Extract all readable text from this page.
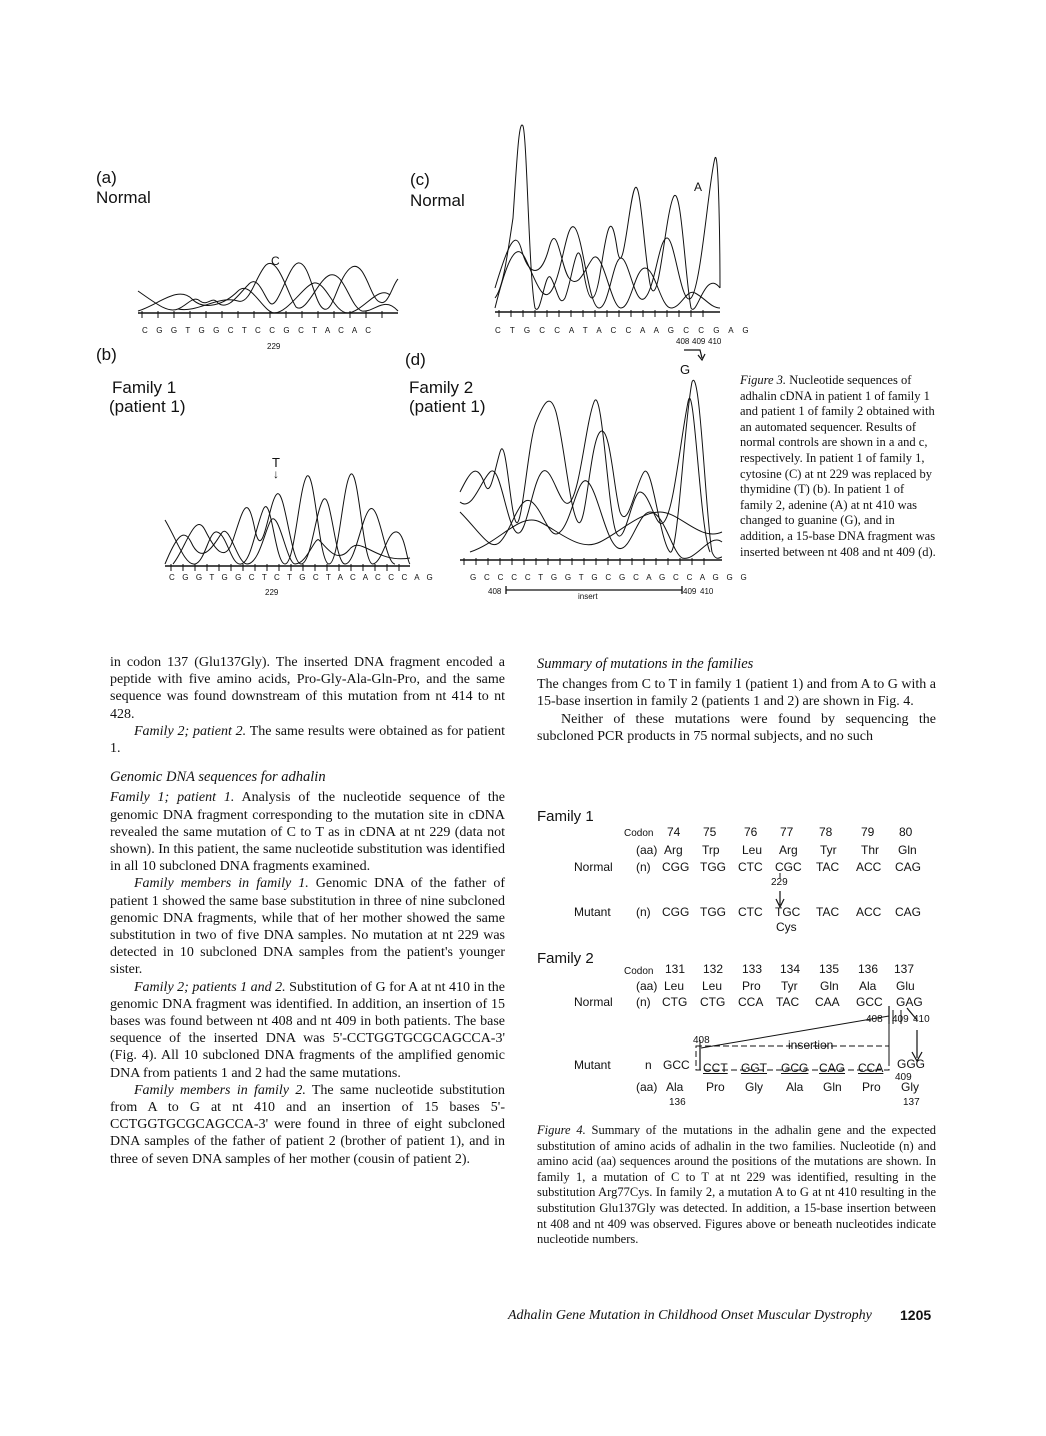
(a)
Normal
C
C G G T G G C T C C G C T A C A C
229
(b)
Family 1
(patient 1)
T
↓
C G G T G G C T C T G C T A C A C C C A G
229
(c)
Normal
A
C T G C C A T A C C A A G C C G A G
408 409 410
(d)
Family 2
(patient 1)
G
G C C C C T G G T G C G C A G C C A G G G
408
insert
409 410
Figure 3. Nucleotide sequences of adhalin cDNA in patient 1 of family 1 and patient 1 of family 2 obtained with an automated sequencer. Results of normal controls are shown in a and c, respectively. In patient 1 of family 1, cytosine (C) at nt 229 was replaced by thymidine (T) (b). In patient 1 of family 2, adenine (A) at nt 410 was changed to guanine (G), and in addition, a 15-base DNA fragment was inserted between nt 408 and nt 409 (d).

in codon 137 (Glu137Gly). The inserted DNA fragment encoded a peptide with five amino acids, Pro-Gly-Ala-Gln-Pro, and the same sequence was found downstream of this mutation from nt 414 to nt 428.

Family 2; patient 2. The same results were obtained as for patient 1.

Genomic DNA sequences for adhalin

Family 1; patient 1. Analysis of the nucleotide sequence of the genomic DNA fragment corresponding to the mutation site in cDNA revealed the same mutation of C to T as in cDNA at nt 229 (data not shown). In this patient, the same nucleotide substitution was identified in all 10 subcloned DNA fragments examined.

Family members in family 1. Genomic DNA of the father of patient 1 showed the same base substitution in three of nine subcloned genomic DNA fragments, while that of her mother showed the same substitution in two of five DNA samples. No mutation at nt 229 was detected in 10 subcloned DNA samples from the patient's younger sister.

Family 2; patients 1 and 2. Substitution of G for A at nt 410 in the genomic DNA fragment was identified. In addition, an insertion of 15 bases was found between nt 408 and nt 409 in both patients. The base sequence of the inserted DNA was 5'-CCTGGTGCGCAGCCA-3' (Fig. 4). All 10 subcloned DNA fragments of the amplified genomic DNA from patients 1 and 2 had the same mutations.

Family members in family 2. The same nucleotide substitution from A to G at nt 410 and an insertion of 15 bases 5'-CCTGGTGCGCAGCCA-3' were found in three of eight subcloned DNA samples of the father of patient 2 (brother of patient 1), and in three of seven DNA samples of her mother (cousin of patient 2).

Summary of mutations in the families

The changes from C to T in family 1 (patient 1) and from A to G with a 15-base insertion in family 2 (patients 1 and 2) are shown in Fig. 4.

Neither of these mutations were found by sequencing the subcloned PCR products in 75 normal subjects, and no such

Family 1
Codon 74 75 76 77 78 79 80
(aa) Arg Trp Leu Arg Tyr Thr Gln
Normal (n) CGG TGG CTC CGC TAC ACC CAG
229
Mutant (n) CGG TGG CTC TGC TAC ACC CAG
Cys
Family 2
Codon 131 132 133 134 135 136 137
(aa) Leu Leu Pro Tyr Gln Ala Glu
Normal (n) CTG CTG CCA TAC CAA GCC GAG
408 409 410
408	insertion
Mutant	n GCC CCT GGT GCG CAG CCA GGG
409
(aa) Ala Pro Gly Ala Gln Pro Gly
136	137
Figure 4. Summary of the mutations in the adhalin gene and the expected substitution of amino acids of adhalin in the two families. Nucleotide (n) and amino acid (aa) sequences around the positions of the mutations are shown. In family 1, a mutation of C to T at nt 229 was identified, resulting in the substitution Arg77Cys. In family 2, a mutation A to G at nt 410 resulting in the substitution Glu137Gly was detected. In addition, a 15-base insertion between nt 408 and nt 409 was observed. Figures above or beneath nucleotides indicate nucleotide numbers.
Adhalin Gene Mutation in Childhood Onset Muscular Dystrophy 1205
